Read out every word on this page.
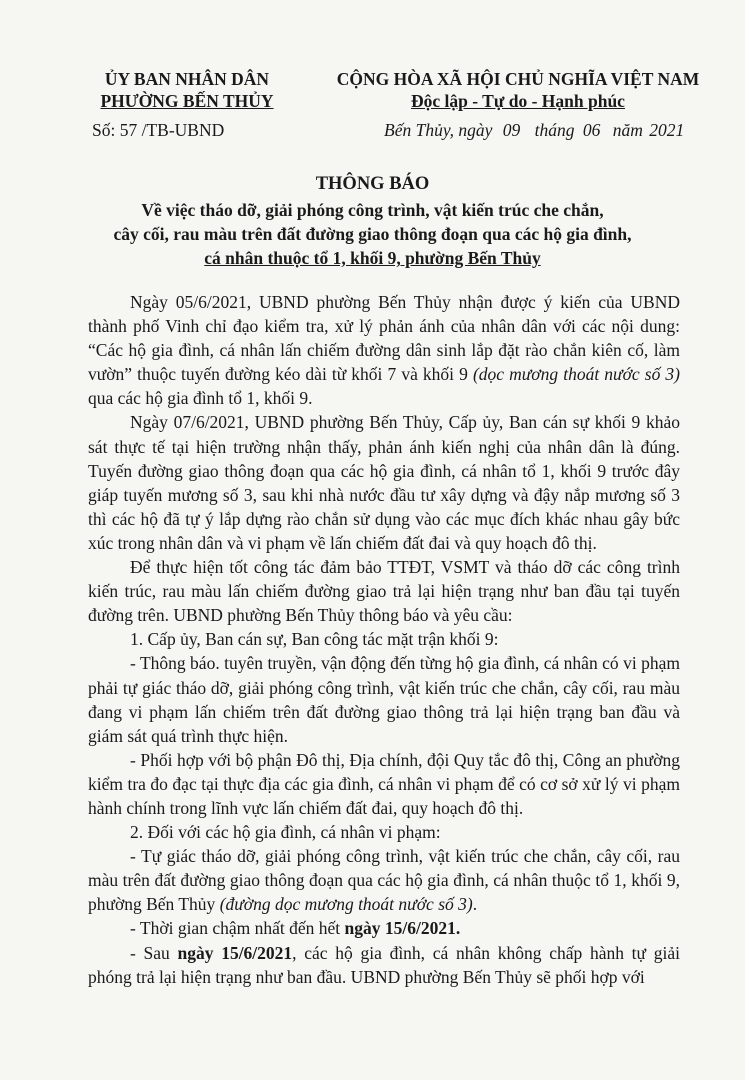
ỦY BAN NHÂN DÂN
PHƯỜNG BẾN THỦY
CỘNG HÒA XÃ HỘI CHỦ NGHĨA VIỆT NAM
Độc lập - Tự do - Hạnh phúc
Số: 57 /TB-UBND	Bến Thủy, ngày 09 tháng 06 năm 2021
THÔNG BÁO
Về việc tháo dỡ, giải phóng công trình, vật kiến trúc che chắn,
cây cối, rau màu trên đất đường giao thông đoạn qua các hộ gia đình,
cá nhân thuộc tổ 1, khối 9, phường Bến Thủy

Ngày 05/6/2021, UBND phường Bến Thủy nhận được ý kiến của UBND thành phố Vinh chỉ đạo kiểm tra, xử lý phản ánh của nhân dân với các nội dung: “Các hộ gia đình, cá nhân lấn chiếm đường dân sinh lắp đặt rào chắn kiên cố, làm vườn” thuộc tuyến đường kéo dài từ khối 7 và khối 9 (dọc mương thoát nước số 3) qua các hộ gia đình tổ 1, khối 9.

Ngày 07/6/2021, UBND phường Bến Thủy, Cấp ủy, Ban cán sự khối 9 khảo sát thực tế tại hiện trường nhận thấy, phản ánh kiến nghị của nhân dân là đúng. Tuyến đường giao thông đoạn qua các hộ gia đình, cá nhân tổ 1, khối 9 trước đây giáp tuyến mương số 3, sau khi nhà nước đầu tư xây dựng và đậy nắp mương số 3 thì các hộ đã tự ý lắp dựng rào chắn sử dụng vào các mục đích khác nhau gây bức xúc trong nhân dân và vi phạm về lấn chiếm đất đai và quy hoạch đô thị.

Để thực hiện tốt công tác đảm bảo TTĐT, VSMT và tháo dỡ các công trình kiến trúc, rau màu lấn chiếm đường giao trả lại hiện trạng như ban đầu tại tuyến đường trên. UBND phường Bến Thủy thông báo và yêu cầu:

1. Cấp ủy, Ban cán sự, Ban công tác mặt trận khối 9:

- Thông báo. tuyên truyền, vận động đến từng hộ gia đình, cá nhân có vi phạm phải tự giác tháo dỡ, giải phóng công trình, vật kiến trúc che chắn, cây cối, rau màu đang vi phạm lấn chiếm trên đất đường giao thông trả lại hiện trạng ban đầu và giám sát quá trình thực hiện.

- Phối hợp với bộ phận Đô thị, Địa chính, đội Quy tắc đô thị, Công an phường kiểm tra đo đạc tại thực địa các gia đình, cá nhân vi phạm để có cơ sở xử lý vi phạm hành chính trong lĩnh vực lấn chiếm đất đai, quy hoạch đô thị.

2. Đối với các hộ gia đình, cá nhân vi phạm:

- Tự giác tháo dỡ, giải phóng công trình, vật kiến trúc che chắn, cây cối, rau màu trên đất đường giao thông đoạn qua các hộ gia đình, cá nhân thuộc tổ 1, khối 9, phường Bến Thủy (đường dọc mương thoát nước số 3).

- Thời gian chậm nhất đến hết ngày 15/6/2021.

- Sau ngày 15/6/2021, các hộ gia đình, cá nhân không chấp hành tự giải phóng trả lại hiện trạng như ban đầu. UBND phường Bến Thủy sẽ phối hợp với
